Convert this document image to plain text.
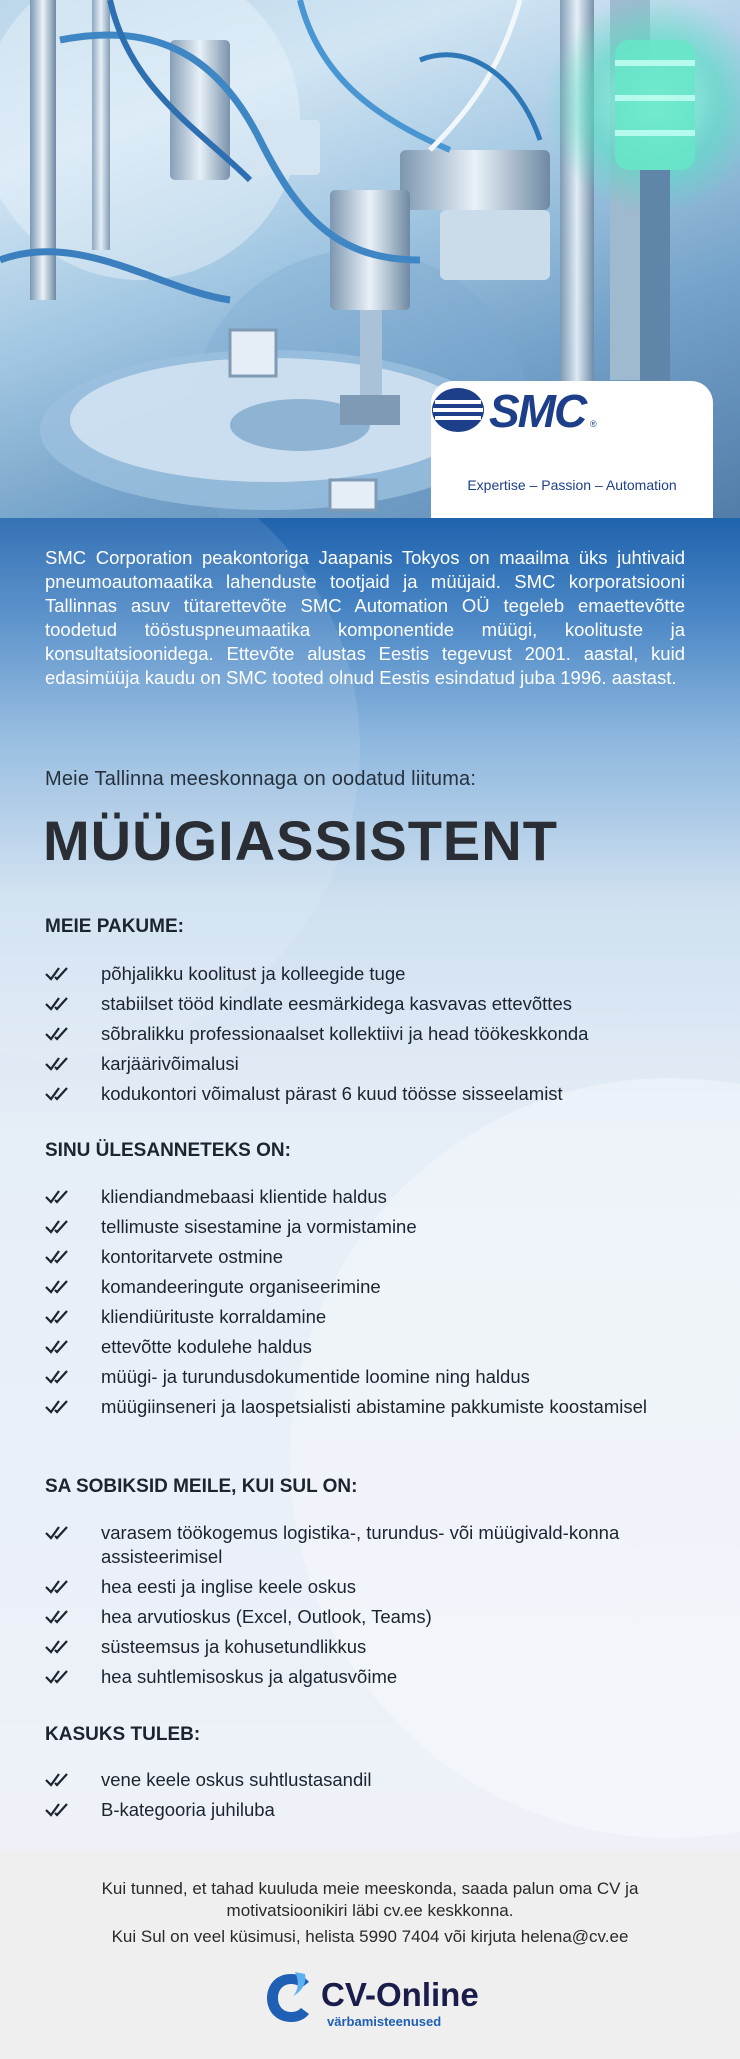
SMC ®
Expertise – Passion – Automation

SMC Corporation peakontoriga Jaapanis Tokyos on maailma üks juhtivaid pneumoautomaatika lahenduste tootjaid ja müüjaid. SMC korporatsiooni Tallinnas asuv tütarettevõte SMC Automation OÜ tegeleb emaettevõtte toodetud tööstuspneumaatika komponentide müügi, koolituste ja konsultatsioonidega. Ettevõte alustas Eestis tegevust 2001. aastal, kuid edasimüüja kaudu on SMC tooted olnud Eestis esindatud juba 1996. aastast.

Meie Tallinna meeskonnaga on oodatud liituma:
MÜÜGIASSISTENT
MEIE PAKUME:
põhjalikku koolitust ja kolleegide tuge
stabiilset tööd kindlate eesmärkidega kasvavas ettevõttes
sõbralikku professionaalset kollektiivi ja head töökeskkonda
karjäärivõimalusi
kodukontori võimalust pärast 6 kuud töösse sisseelamist
SINU ÜLESANNETEKS ON:
kliendiandmebaasi klientide haldus
tellimuste sisestamine ja vormistamine
kontoritarvete ostmine
komandeeringute organiseerimine
kliendiürituste korraldamine
ettevõtte kodulehe haldus
müügi- ja turundusdokumentide loomine ning haldus
müügiinseneri ja laospetsialisti abistamine pakkumiste koostamisel
SA SOBIKSID MEILE, KUI SUL ON:
varasem töökogemus logistika-, turundus- või müügivald-konna assisteerimisel
hea eesti ja inglise keele oskus
hea arvutioskus (Excel, Outlook, Teams)
süsteemsus ja kohusetundlikkus
hea suhtlemisoskus ja algatusvõime
KASUKS TULEB:
vene keele oskus suhtlustasandil
B-kategooria juhiluba
Kui tunned, et tahad kuuluda meie meeskonda, saada palun oma CV ja motivatsioonikiri läbi cv.ee keskkonna.
Kui Sul on veel küsimusi, helista 5990 7404 või kirjuta helena@cv.ee
CV-Online
värbamisteenused
